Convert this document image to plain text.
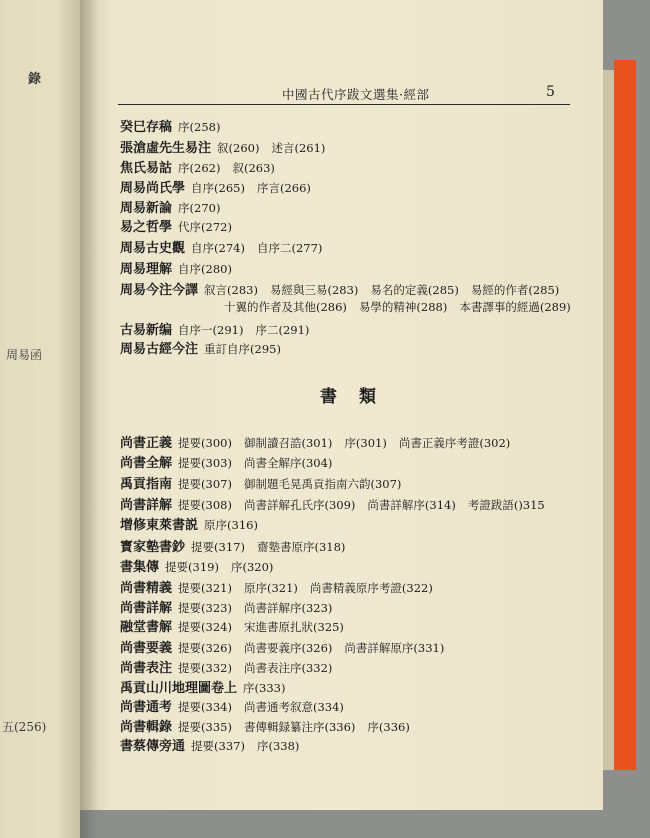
錄
周易函
五(256)
中國古代序跋文選集·經部	5
癸巳存稿 序(258)
張滄虛先生易注 叙(260) 述言(261)
焦氏易詁 序(262) 叙(263)
周易尚氏學 自序(265) 序言(266)
周易新論 序(270)
易之哲學 代序(272)
周易古史觀 自序(274) 自序二(277)
周易理解 自序(280)
周易今注今譯 叙言(283) 易經與三易(283) 易名的定義(285) 易經的作者(285)
十翼的作者及其他(286) 易學的精神(288) 本書譯事的經過(289)
古易新编 自序一(291) 序二(291)
周易古經今注 重訂自序(295)
書類
尚書正義 提要(300) 御制讀召誥(301) 序(301) 尚書正義序考證(302)
尚書全解 提要(303) 尚書全解序(304)
禹貢指南 提要(307) 御制題毛晃禹貢指南六韵(307)
尚書詳解 提要(308) 尚書詳解孔氏序(309) 尚書詳解序(314) 考證跋語()315
增修東萊書説 原序(316)
寳家塾書鈔 提要(317) 齋塾書原序(318)
書集傳 提要(319) 序(320)
尚書精義 提要(321) 原序(321) 尚書精義原序考證(322)
尚書詳解 提要(323) 尚書詳解序(323)
融堂書解 提要(324) 宋進書原扎狀(325)
尚書要義 提要(326) 尚書要義序(326) 尚書詳解原序(331)
尚書表注 提要(332) 尚書表注序(332)
禹貢山川地理圖卷上 序(333)
尚書通考 提要(334) 尚書通考叙意(334)
尚書輯錄 提要(335) 書傳輯録纂注序(336) 序(336)
書蔡傳旁通 提要(337) 序(338)
